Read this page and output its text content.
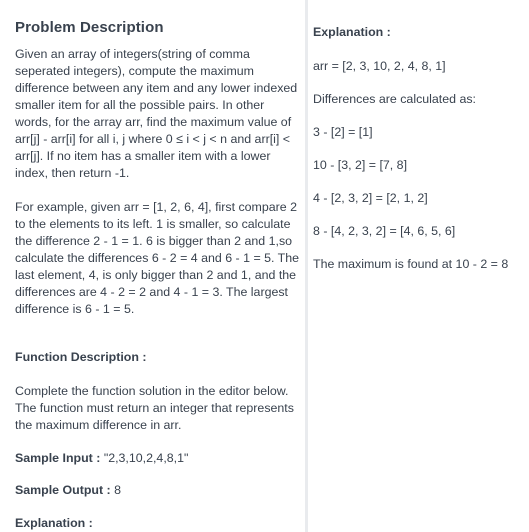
Problem Description

Given an array of integers(string of comma seperated integers), compute the maximum difference between any item and any lower indexed smaller item for all the possible pairs. In other words, for the array arr, find the maximum value of arr[j] - arr[i] for all i, j where 0 ≤ i < j < n and arr[i] < arr[j]. If no item has a smaller item with a lower index, then return -1.

For example, given arr = [1, 2, 6, 4], first compare 2 to the elements to its left. 1 is smaller, so calculate the difference 2 - 1 = 1. 6 is bigger than 2 and 1,so calculate the differences 6 - 2 = 4 and 6 - 1 = 5. The last element, 4, is only bigger than 2 and 1, and the differences are 4 - 2 = 2 and 4 - 1 = 3. The largest difference is 6 - 1 = 5.

Function Description :

Complete the function solution in the editor below. The function must return an integer that represents the maximum difference in arr.

Sample Input : "2,3,10,2,4,8,1"

Sample Output : 8

Explanation :

Explanation :

arr = [2, 3, 10, 2, 4, 8, 1]

Differences are calculated as:

3 - [2] = [1]

10 - [3, 2] = [7, 8]

4 - [2, 3, 2] = [2, 1, 2]

8 - [4, 2, 3, 2] = [4, 6, 5, 6]

The maximum is found at 10 - 2 = 8
